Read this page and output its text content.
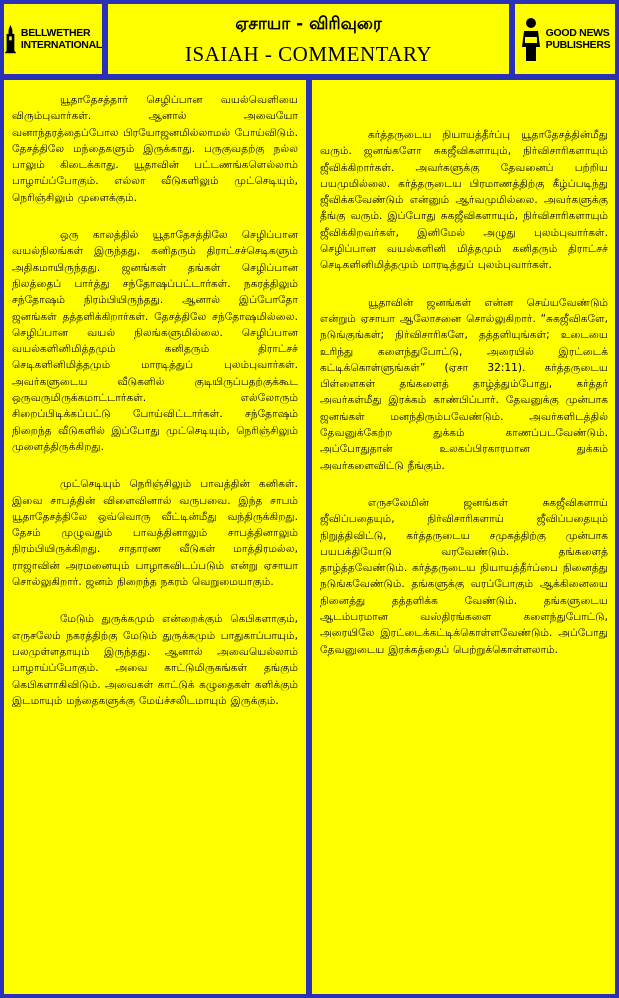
BELLWETHER
INTERNATIONAL
ஏசாயா - விரிவுரை
ISAIAH - COMMENTARY
GOOD NEWS
PUBLISHERS

யூதாதேசத்தார் செழிப்பான வயல்வெளியை விரும்புவார்கள். ஆனால் அவையோ வனாந்தரத்தைப்போல பிரயோஜனமில்லாமல் போய்விடும். தேசத்திலே மந்தைகளும் இருக்காது. பருகுவதற்கு நல்ல பாலும் கிடைக்காது. யூதாவின் பட்டணங்களெல்லாம் பாழாய்ப்போகும். எல்லா வீடுகளிலும் முட்செடியும், நெரிஞ்சிலும் முளைக்கும்.

ஒரு காலத்தில் யூதாதேசத்திலே செழிப்பான வயல்நிலங்கள் இருந்தது. கனிதரும் திராட்சச்செடிகளும் அதிகமாயிருந்தது. ஜனங்கள் தங்கள் செழிப்பான நிலத்தைப் பார்த்து சந்தோஷப்பட்டார்கள். நகரத்திலும் சந்தோஷம் நிரம்பியிருந்தது. ஆனால் இப்போதோ ஜனங்கள் தத்தளிக்கிறார்கள். தேசத்திலே சந்தோஷமில்லை. செழிப்பான வயல் நிலங்களுமில்லை. செழிப்பான வயல்களினிமித்தமும் கனிதரும் திராட்சச் செடிகளினிமித்தமும் மாரடித்துப் புலம்புவார்கள். அவர்களுடைய வீடுகளில் குடியிருப்பதற்குக்கூட ஒருவருமிருக்கமாட்டார்கள். எல்லோரும் சிறைப்பிடிக்கப்பட்டு போய்விட்டார்கள். சந்தோஷம் நிறைந்த வீடுகளில் இப்போது முட்செடியும், நெரிஞ்சிலும் முளைத்திருக்கிறது.

முட்செடியும் நெரிஞ்சிலும் பாவத்தின் கனிகள். இவை சாபத்தின் விளைவினால் வருபவை. இந்த சாபம் யூதாதேசத்திலே ஒவ்வொரு வீட்டின்மீது வந்திருக்கிறது. தேசம் முழுவதும் பாவத்தினாலும் சாபத்தினாலும் நிரம்பியிருக்கிறது. சாதாரண வீடுகள் மாத்திரமல்ல, ராஜாவின் அரமனையும் பாழாகவிடப்படும் என்று ஏசாயா சொல்லுகிறார். ஜனம் நிறைந்த நகரம் வெறுமையாகும்.

மேடும் துருக்கமும் என்றைக்கும் கெபிகளாகும், எருசலேம் நகரத்திற்கு மேடும் துருக்கமும் பாதுகாப்பாயும், பலமுள்ளதாயும் இருந்தது. ஆனால் அவையெல்லாம் பாழாய்ப்போகும். அவை காட்டுமிருகங்கள் தங்கும் கெபிகளாகிவிடும். அவைகள் காட்டுக் கழுதைகள் களிக்கும் இடமாயும் மந்தைகளுக்கு மேய்ச்சலிடமாயும் இருக்கும்.

கர்த்தருடைய நியாயத்தீர்ப்பு யூதாதேசத்தின்மீது வரும். ஜனங்களோ சுகஜீவிகளாயும், நிர்விசாரிகளாயும் ஜீவிக்கிறார்கள். அவர்களுக்கு தேவனைப் பற்றிய பயமுமில்லை. கர்த்தருடைய பிரமாணத்திற்கு கீழ்ப்படிந்து ஜீவிக்கவேண்டும் என்னும் ஆர்வமுமில்லை. அவர்களுக்கு தீங்கு வரும். இப்போது சுகஜீவிகளாயும், நிர்விசாரிகளாயும் ஜீவிக்கிறவர்கள், இனிமேல் அழுது புலம்புவார்கள். செழிப்பான வயல்களினி மித்தமும் கனிதரும் திராட்சச் செடிகளினிமித்தமும் மாரடித்துப் புலம்புவார்கள்.

யூதாவின் ஜனங்கள் என்ன செய்யவேண்டும் என்றும் ஏசாயா ஆலோசனை சொல்லுகிறார். “சுகஜீவிகளே, நடுங்குங்கள்; நிர்விசாரிகளே, தத்தளியுங்கள்; உடையை உரிந்து களைந்துபோட்டு, அரையில் இரட்டைக் கட்டிக்கொள்ளுங்கள்” (ஏசா 32:11). கர்த்தருடைய பிள்ளைகள் தங்களைத் தாழ்த்தும்போது, கர்த்தர் அவர்கள்மீது இரக்கம் காண்பிப்பார். தேவனுக்கு முன்பாக ஜனங்கள் மனந்திரும்பவேண்டும். அவர்களிடத்தில் தேவனுக்கேற்ற துக்கம் காணப்படவேண்டும். அப்போதுதான் உலகப்பிரகாரமான துக்கம் அவர்களைவிட்டு நீங்கும்.

எருசலேமின் ஜனங்கள் சுகஜீவிகளாய் ஜீவிப்பதையும், நிர்விசாரிகளாய் ஜீவிப்பதையும் நிறுத்திவிட்டு, கர்த்தருடைய சமுகத்திற்கு முன்பாக பயபக்தியோடு வரவேண்டும். தங்களைத் தாழ்த்தவேண்டும். கர்த்தருடைய நியாயத்தீர்ப்பை நினைத்து நடுங்கவேண்டும். தங்களுக்கு வரப்போகும் ஆக்கினையை நினைத்து தத்தளிக்க வேண்டும். தங்களுடைய ஆடம்பரமான வஸ்திரங்களை களைந்துபோட்டு, அரையிலே இரட்டைக்கட்டிக்கொள்ளவேண்டும். அப்போது தேவனுடைய இரக்கத்தைப் பெற்றுக்கொள்ளலாம்.
